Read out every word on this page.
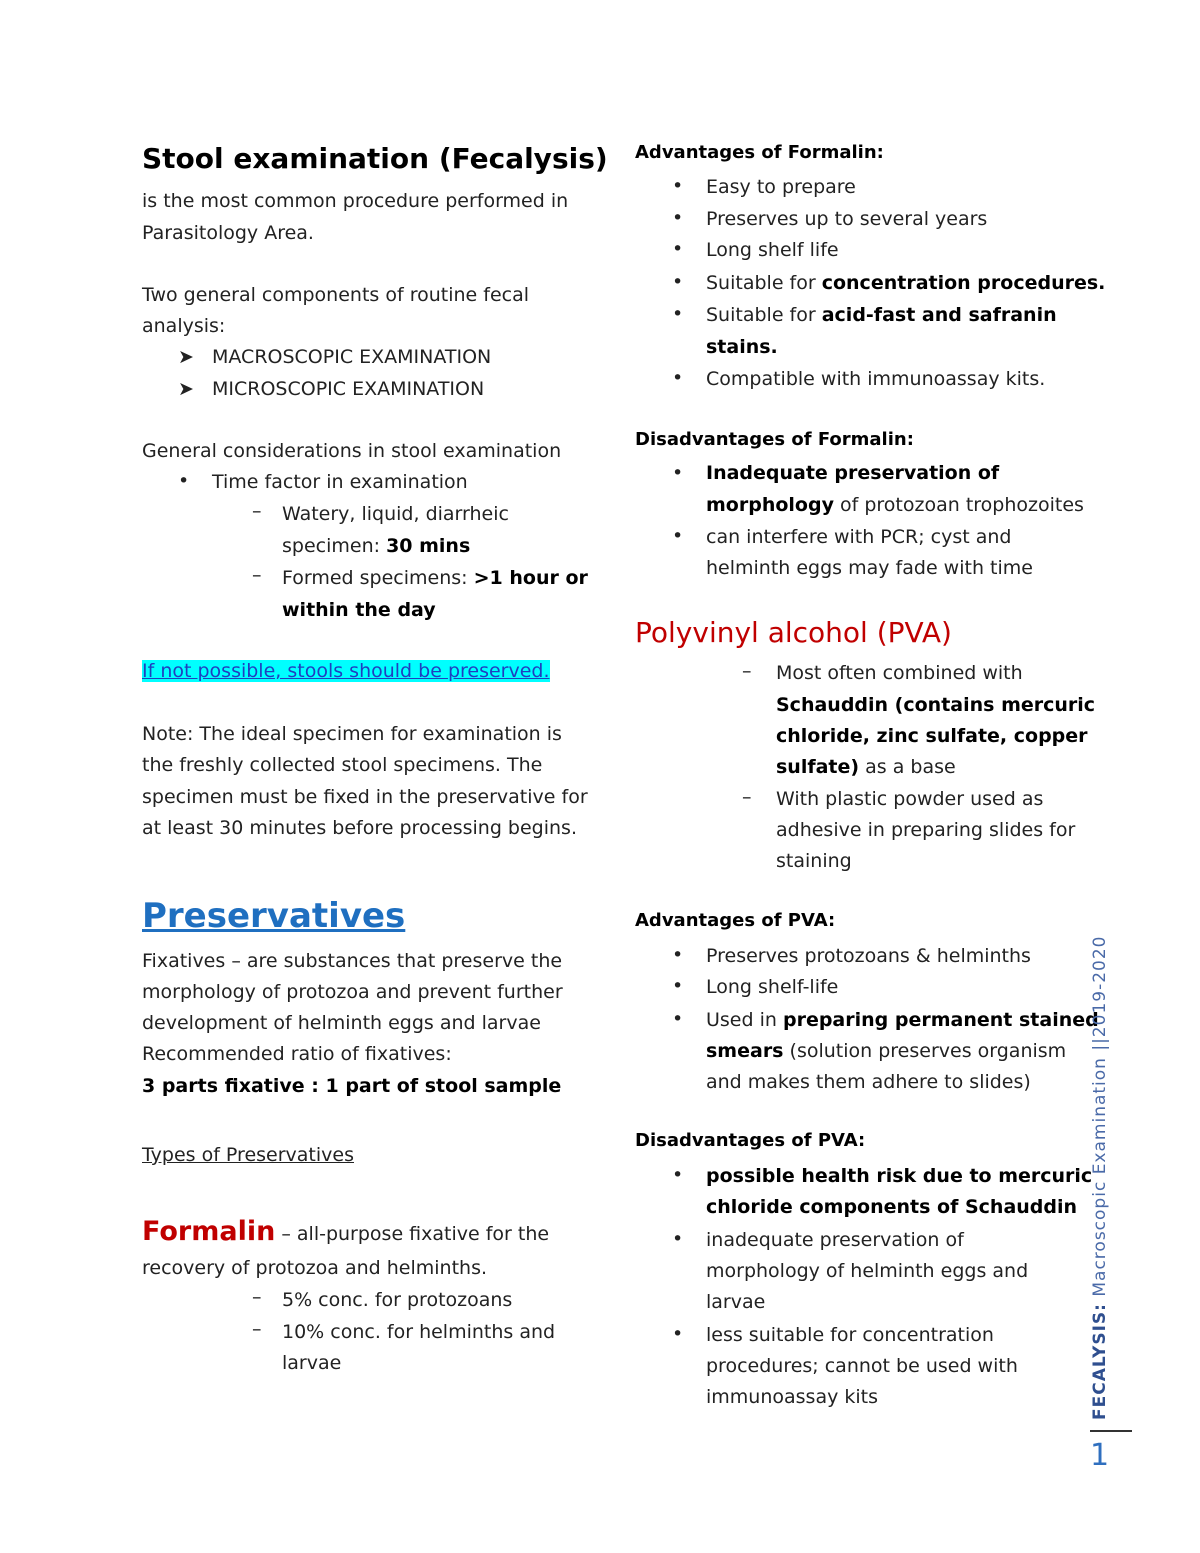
Stool examination (Fecalysis)
is the most common procedure performed in
Parasitology Area.
Two general components of routine fecal
analysis:
➤ MACROSCOPIC EXAMINATION
➤ MICROSCOPIC EXAMINATION
General considerations in stool examination
• Time factor in examination
– Watery, liquid, diarrheic
specimen: 30 mins
– Formed specimens: >1 hour or
within the day
If not possible, stools should be preserved.
Note: The ideal specimen for examination is
the freshly collected stool specimens. The
specimen must be fixed in the preservative for
at least 30 minutes before processing begins.
Preservatives
Fixatives – are substances that preserve the
morphology of protozoa and prevent further
development of helminth eggs and larvae
Recommended ratio of fixatives:
3 parts fixative : 1 part of stool sample
Types of Preservatives
Formalin – all-purpose fixative for the
recovery of protozoa and helminths.
– 5% conc. for protozoans
– 10% conc. for helminths and
larvae
Advantages of Formalin:
• Easy to prepare
• Preserves up to several years
• Long shelf life
• Suitable for concentration procedures.
• Suitable for acid-fast and safranin
stains.
• Compatible with immunoassay kits.
Disadvantages of Formalin:
• Inadequate preservation of
morphology of protozoan trophozoites
• can interfere with PCR; cyst and
helminth eggs may fade with time
Polyvinyl alcohol (PVA)
– Most often combined with
Schauddin (contains mercuric
chloride, zinc sulfate, copper
sulfate) as a base
– With plastic powder used as
adhesive in preparing slides for
staining
Advantages of PVA:
• Preserves protozoans & helminths
• Long shelf-life
• Used in preparing permanent stained
smears (solution preserves organism
and makes them adhere to slides)
Disadvantages of PVA:
• possible health risk due to mercuric
chloride components of Schauddin
• inadequate preservation of
morphology of helminth eggs and
larvae
• less suitable for concentration
procedures; cannot be used with
immunoassay kits	FECALYSIS: Macroscopic Examination ||2019-2020
1
